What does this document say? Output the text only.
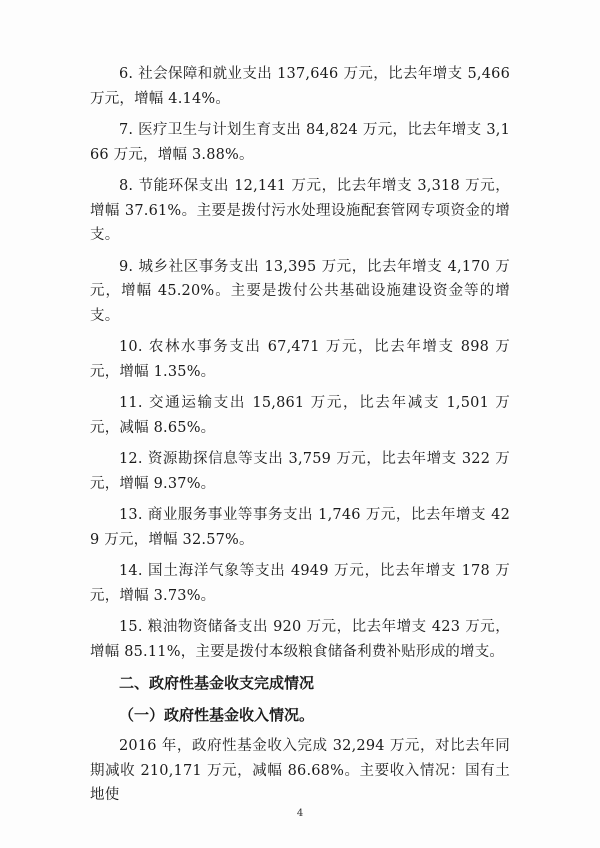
6. 社会保障和就业支出 137,646 万元，比去年增支 5,466 万元，增幅 4.14%。

7. 医疗卫生与计划生育支出 84,824 万元，比去年增支 3,166 万元，增幅 3.88%。

8. 节能环保支出 12,141 万元，比去年增支 3,318 万元，增幅 37.61%。主要是拨付污水处理设施配套管网专项资金的增支。

9. 城乡社区事务支出 13,395 万元，比去年增支 4,170 万元，增幅 45.20%。主要是拨付公共基础设施建设资金等的增支。

10. 农林水事务支出 67,471 万元，比去年增支 898 万元，增幅 1.35%。

11. 交通运输支出 15,861 万元，比去年减支 1,501 万元，减幅 8.65%。

12. 资源勘探信息等支出 3,759 万元，比去年增支 322 万元，增幅 9.37%。

13. 商业服务事业等事务支出 1,746 万元，比去年增支 429 万元，增幅 32.57%。

14. 国土海洋气象等支出 4949 万元，比去年增支 178 万元，增幅 3.73%。

15. 粮油物资储备支出 920 万元，比去年增支 423 万元，增幅 85.11%，主要是拨付本级粮食储备利费补贴形成的增支。

二、政府性基金收支完成情况

（一）政府性基金收入情况。

2016 年，政府性基金收入完成 32,294 万元，对比去年同期减收 210,171 万元，减幅 86.68%。主要收入情况：国有土地使

4
